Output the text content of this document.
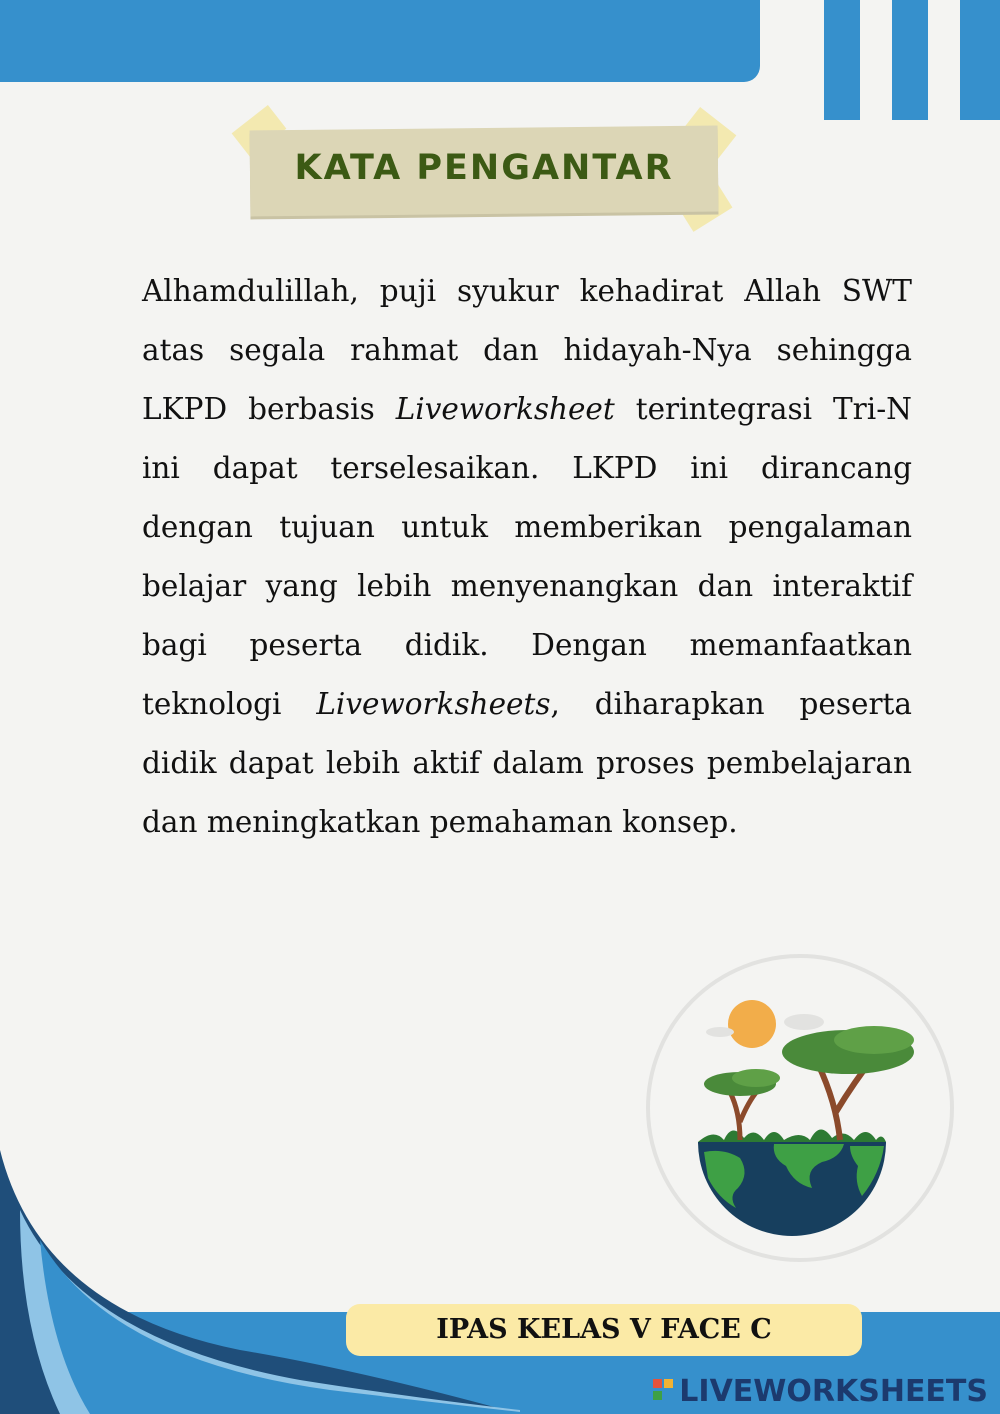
KATA PENGANTAR
Alhamdulillah, puji syukur kehadirat Allah SWT atas segala rahmat dan hidayah-Nya sehingga LKPD berbasis Liveworksheet terintegrasi Tri-N ini dapat terselesaikan. LKPD ini dirancang dengan tujuan untuk memberikan pengalaman belajar yang lebih menyenangkan dan interaktif bagi peserta didik. Dengan memanfaatkan teknologi Liveworksheets, diharapkan peserta didik dapat lebih aktif dalam proses pembelajaran dan meningkatkan pemahaman konsep.
IPAS KELAS V FACE C
LIVEWORKSHEETS
